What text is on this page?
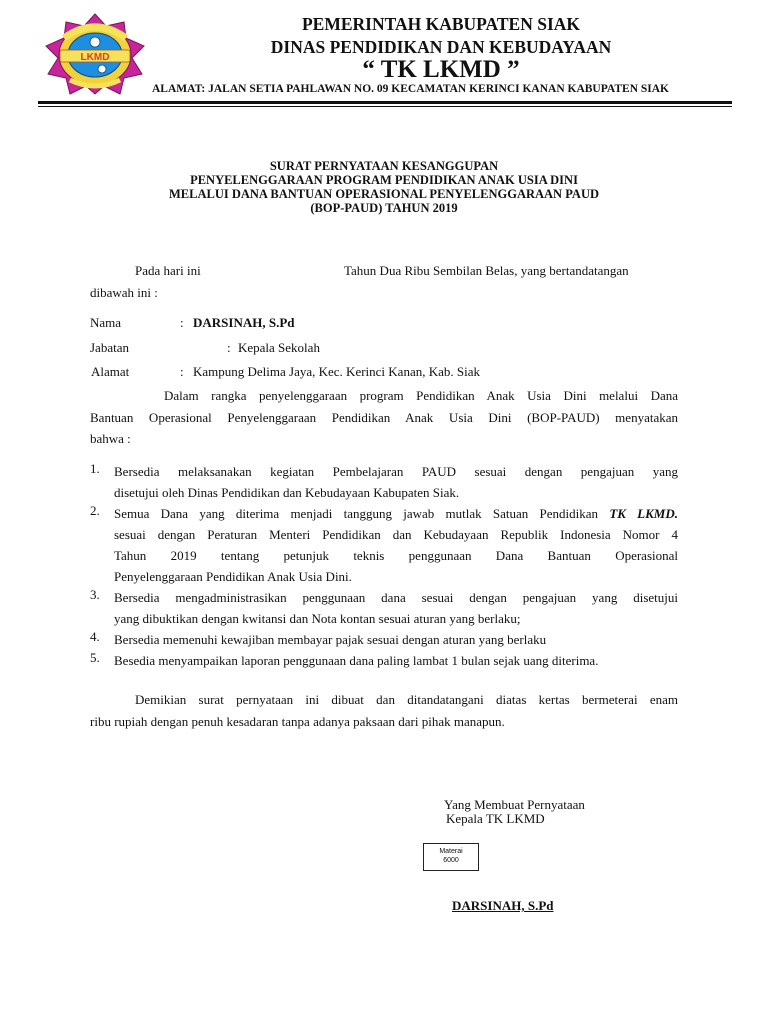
LKMD
PEMERINTAH KABUPATEN SIAK
DINAS PENDIDIKAN DAN KEBUDAYAAN
“ TK LKMD ”
ALAMAT: JALAN SETIA PAHLAWAN NO. 09 KECAMATAN KERINCI KANAN KABUPATEN SIAK
SURAT PERNYATAAN KESANGGUPAN
PENYELENGGARAAN PROGRAM PENDIDIKAN ANAK USIA DINI
MELALUI DANA BANTUAN OPERASIONAL PENYELENGGARAAN PAUD
(BOP-PAUD) TAHUN 2019
Pada hari ini	Tahun Dua Ribu Sembilan Belas, yang bertandatangan
dibawah ini :
Nama	: DARSINAH, S.Pd
Jabatan	: Kepala Sekolah
Alamat	: Kampung Delima Jaya, Kec. Kerinci Kanan, Kab. Siak
Dalam rangka penyelenggaraan program Pendidikan Anak Usia Dini melalui Dana
Bantuan Operasional Penyelenggaraan Pendidikan Anak Usia Dini (BOP-PAUD) menyatakan
bahwa :
1. Bersedia melaksanakan kegiatan Pembelajaran PAUD sesuai dengan pengajuan yang
disetujui oleh Dinas Pendidikan dan Kebudayaan Kabupaten Siak.
2. Semua Dana yang diterima menjadi tanggung jawab mutlak Satuan Pendidikan TK LKMD.
sesuai dengan Peraturan Menteri Pendidikan dan Kebudayaan Republik Indonesia Nomor 4
Tahun 2019 tentang petunjuk teknis penggunaan Dana Bantuan Operasional
Penyelenggaraan Pendidikan Anak Usia Dini.
3. Bersedia mengadministrasikan penggunaan dana sesuai dengan pengajuan yang disetujui
yang dibuktikan dengan kwitansi dan Nota kontan sesuai aturan yang berlaku;
4. Bersedia memenuhi kewajiban membayar pajak sesuai dengan aturan yang berlaku
5. Besedia menyampaikan laporan penggunaan dana paling lambat 1 bulan sejak uang diterima.
Demikian surat pernyataan ini dibuat dan ditandatangani diatas kertas bermeterai enam
ribu rupiah dengan penuh kesadaran tanpa adanya paksaan dari pihak manapun.
Yang Membuat Pernyataan
Kepala TK LKMD
Materai
6000
DARSINAH, S.Pd
